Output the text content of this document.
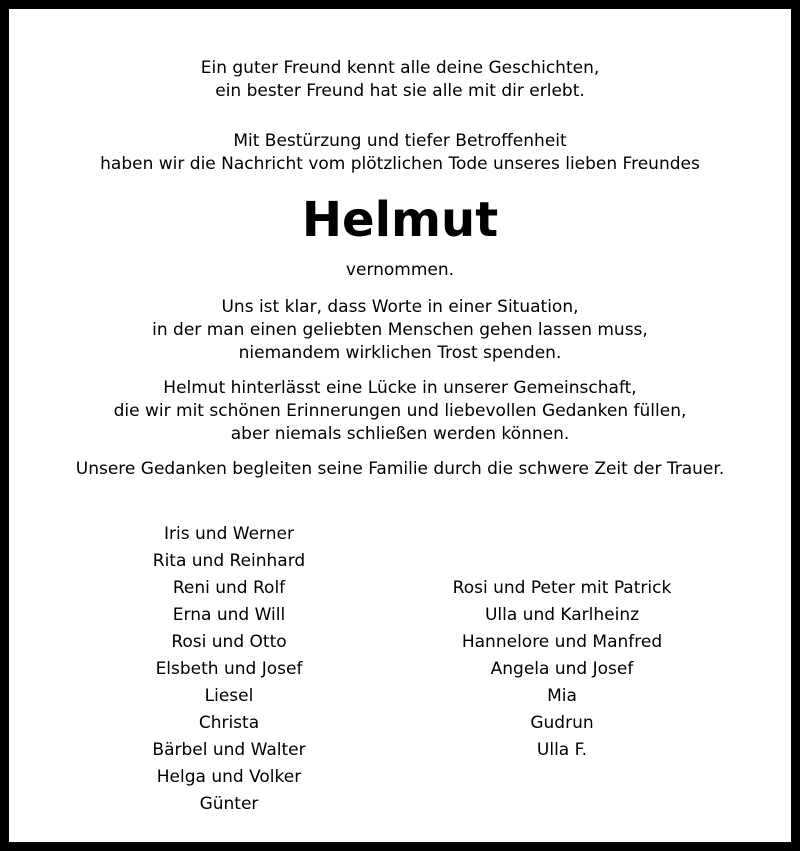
Ein guter Freund kennt alle deine Geschichten,
ein bester Freund hat sie alle mit dir erlebt.
Mit Bestürzung und tiefer Betroffenheit
haben wir die Nachricht vom plötzlichen Tode unseres lieben Freundes
Helmut
vernommen.
Uns ist klar, dass Worte in einer Situation,
in der man einen geliebten Menschen gehen lassen muss,
niemandem wirklichen Trost spenden.
Helmut hinterlässt eine Lücke in unserer Gemeinschaft,
die wir mit schönen Erinnerungen und liebevollen Gedanken füllen,
aber niemals schließen werden können.
Unsere Gedanken begleiten seine Familie durch die schwere Zeit der Trauer.
Iris und Werner
Rita und Reinhard
Reni und Rolf
Erna und Will
Rosi und Otto
Elsbeth und Josef
Liesel
Christa
Bärbel und Walter
Helga und Volker
Günter
Rosi und Peter mit Patrick
Ulla und Karlheinz
Hannelore und Manfred
Angela und Josef
Mia
Gudrun
Ulla F.
